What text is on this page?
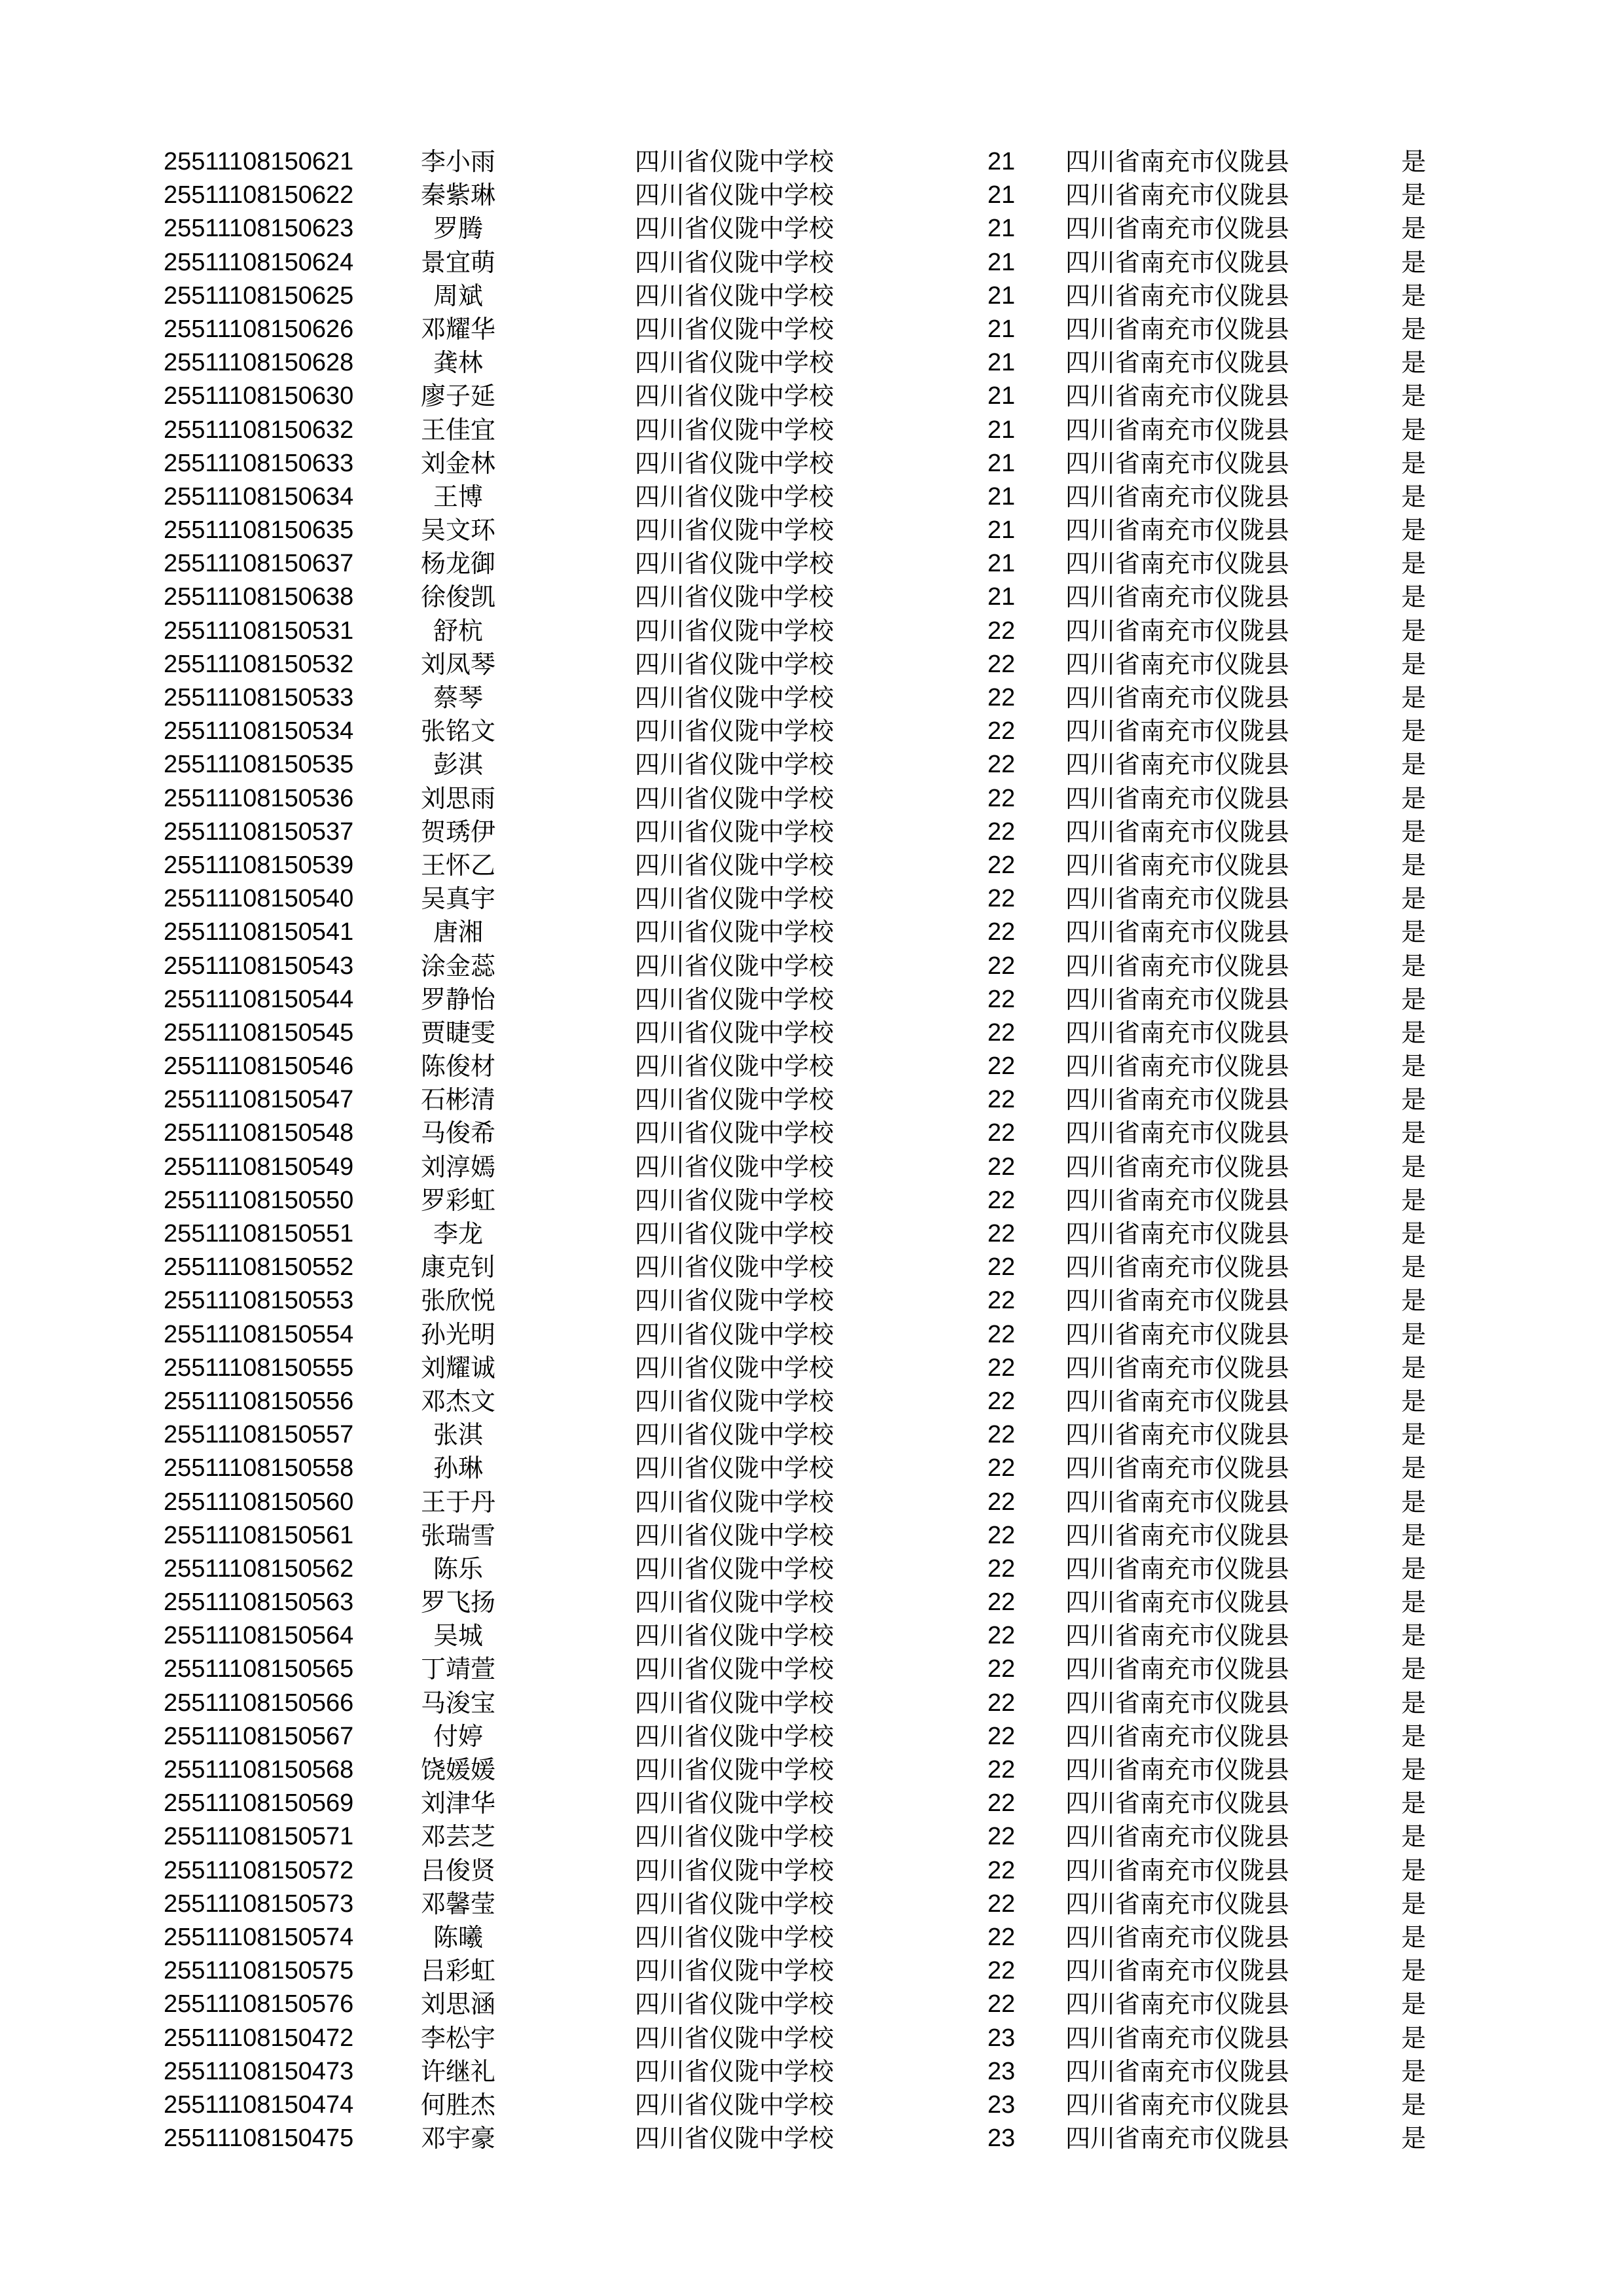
25511108150621	李小雨	四川省仪陇中学校	21	四川省南充市仪陇县	是
25511108150622	秦紫琳	四川省仪陇中学校	21	四川省南充市仪陇县	是
25511108150623	罗腾	四川省仪陇中学校	21	四川省南充市仪陇县	是
25511108150624	景宜萌	四川省仪陇中学校	21	四川省南充市仪陇县	是
25511108150625	周斌	四川省仪陇中学校	21	四川省南充市仪陇县	是
25511108150626	邓耀华	四川省仪陇中学校	21	四川省南充市仪陇县	是
25511108150628	龚林	四川省仪陇中学校	21	四川省南充市仪陇县	是
25511108150630	廖子延	四川省仪陇中学校	21	四川省南充市仪陇县	是
25511108150632	王佳宜	四川省仪陇中学校	21	四川省南充市仪陇县	是
25511108150633	刘金林	四川省仪陇中学校	21	四川省南充市仪陇县	是
25511108150634	王博	四川省仪陇中学校	21	四川省南充市仪陇县	是
25511108150635	吴文环	四川省仪陇中学校	21	四川省南充市仪陇县	是
25511108150637	杨龙御	四川省仪陇中学校	21	四川省南充市仪陇县	是
25511108150638	徐俊凯	四川省仪陇中学校	21	四川省南充市仪陇县	是
25511108150531	舒杭	四川省仪陇中学校	22	四川省南充市仪陇县	是
25511108150532	刘凤琴	四川省仪陇中学校	22	四川省南充市仪陇县	是
25511108150533	蔡琴	四川省仪陇中学校	22	四川省南充市仪陇县	是
25511108150534	张铭文	四川省仪陇中学校	22	四川省南充市仪陇县	是
25511108150535	彭淇	四川省仪陇中学校	22	四川省南充市仪陇县	是
25511108150536	刘思雨	四川省仪陇中学校	22	四川省南充市仪陇县	是
25511108150537	贺琇伊	四川省仪陇中学校	22	四川省南充市仪陇县	是
25511108150539	王怀乙	四川省仪陇中学校	22	四川省南充市仪陇县	是
25511108150540	吴真宇	四川省仪陇中学校	22	四川省南充市仪陇县	是
25511108150541	唐湘	四川省仪陇中学校	22	四川省南充市仪陇县	是
25511108150543	涂金蕊	四川省仪陇中学校	22	四川省南充市仪陇县	是
25511108150544	罗静怡	四川省仪陇中学校	22	四川省南充市仪陇县	是
25511108150545	贾睫雯	四川省仪陇中学校	22	四川省南充市仪陇县	是
25511108150546	陈俊材	四川省仪陇中学校	22	四川省南充市仪陇县	是
25511108150547	石彬清	四川省仪陇中学校	22	四川省南充市仪陇县	是
25511108150548	马俊希	四川省仪陇中学校	22	四川省南充市仪陇县	是
25511108150549	刘淳嫣	四川省仪陇中学校	22	四川省南充市仪陇县	是
25511108150550	罗彩虹	四川省仪陇中学校	22	四川省南充市仪陇县	是
25511108150551	李龙	四川省仪陇中学校	22	四川省南充市仪陇县	是
25511108150552	康克钊	四川省仪陇中学校	22	四川省南充市仪陇县	是
25511108150553	张欣悦	四川省仪陇中学校	22	四川省南充市仪陇县	是
25511108150554	孙光明	四川省仪陇中学校	22	四川省南充市仪陇县	是
25511108150555	刘耀诚	四川省仪陇中学校	22	四川省南充市仪陇县	是
25511108150556	邓杰文	四川省仪陇中学校	22	四川省南充市仪陇县	是
25511108150557	张淇	四川省仪陇中学校	22	四川省南充市仪陇县	是
25511108150558	孙琳	四川省仪陇中学校	22	四川省南充市仪陇县	是
25511108150560	王于丹	四川省仪陇中学校	22	四川省南充市仪陇县	是
25511108150561	张瑞雪	四川省仪陇中学校	22	四川省南充市仪陇县	是
25511108150562	陈乐	四川省仪陇中学校	22	四川省南充市仪陇县	是
25511108150563	罗飞扬	四川省仪陇中学校	22	四川省南充市仪陇县	是
25511108150564	吴城	四川省仪陇中学校	22	四川省南充市仪陇县	是
25511108150565	丁靖萱	四川省仪陇中学校	22	四川省南充市仪陇县	是
25511108150566	马浚宝	四川省仪陇中学校	22	四川省南充市仪陇县	是
25511108150567	付婷	四川省仪陇中学校	22	四川省南充市仪陇县	是
25511108150568	饶媛媛	四川省仪陇中学校	22	四川省南充市仪陇县	是
25511108150569	刘津华	四川省仪陇中学校	22	四川省南充市仪陇县	是
25511108150571	邓芸芝	四川省仪陇中学校	22	四川省南充市仪陇县	是
25511108150572	吕俊贤	四川省仪陇中学校	22	四川省南充市仪陇县	是
25511108150573	邓馨莹	四川省仪陇中学校	22	四川省南充市仪陇县	是
25511108150574	陈曦	四川省仪陇中学校	22	四川省南充市仪陇县	是
25511108150575	吕彩虹	四川省仪陇中学校	22	四川省南充市仪陇县	是
25511108150576	刘思涵	四川省仪陇中学校	22	四川省南充市仪陇县	是
25511108150472	李松宇	四川省仪陇中学校	23	四川省南充市仪陇县	是
25511108150473	许继礼	四川省仪陇中学校	23	四川省南充市仪陇县	是
25511108150474	何胜杰	四川省仪陇中学校	23	四川省南充市仪陇县	是
25511108150475	邓宇豪	四川省仪陇中学校	23	四川省南充市仪陇县	是
